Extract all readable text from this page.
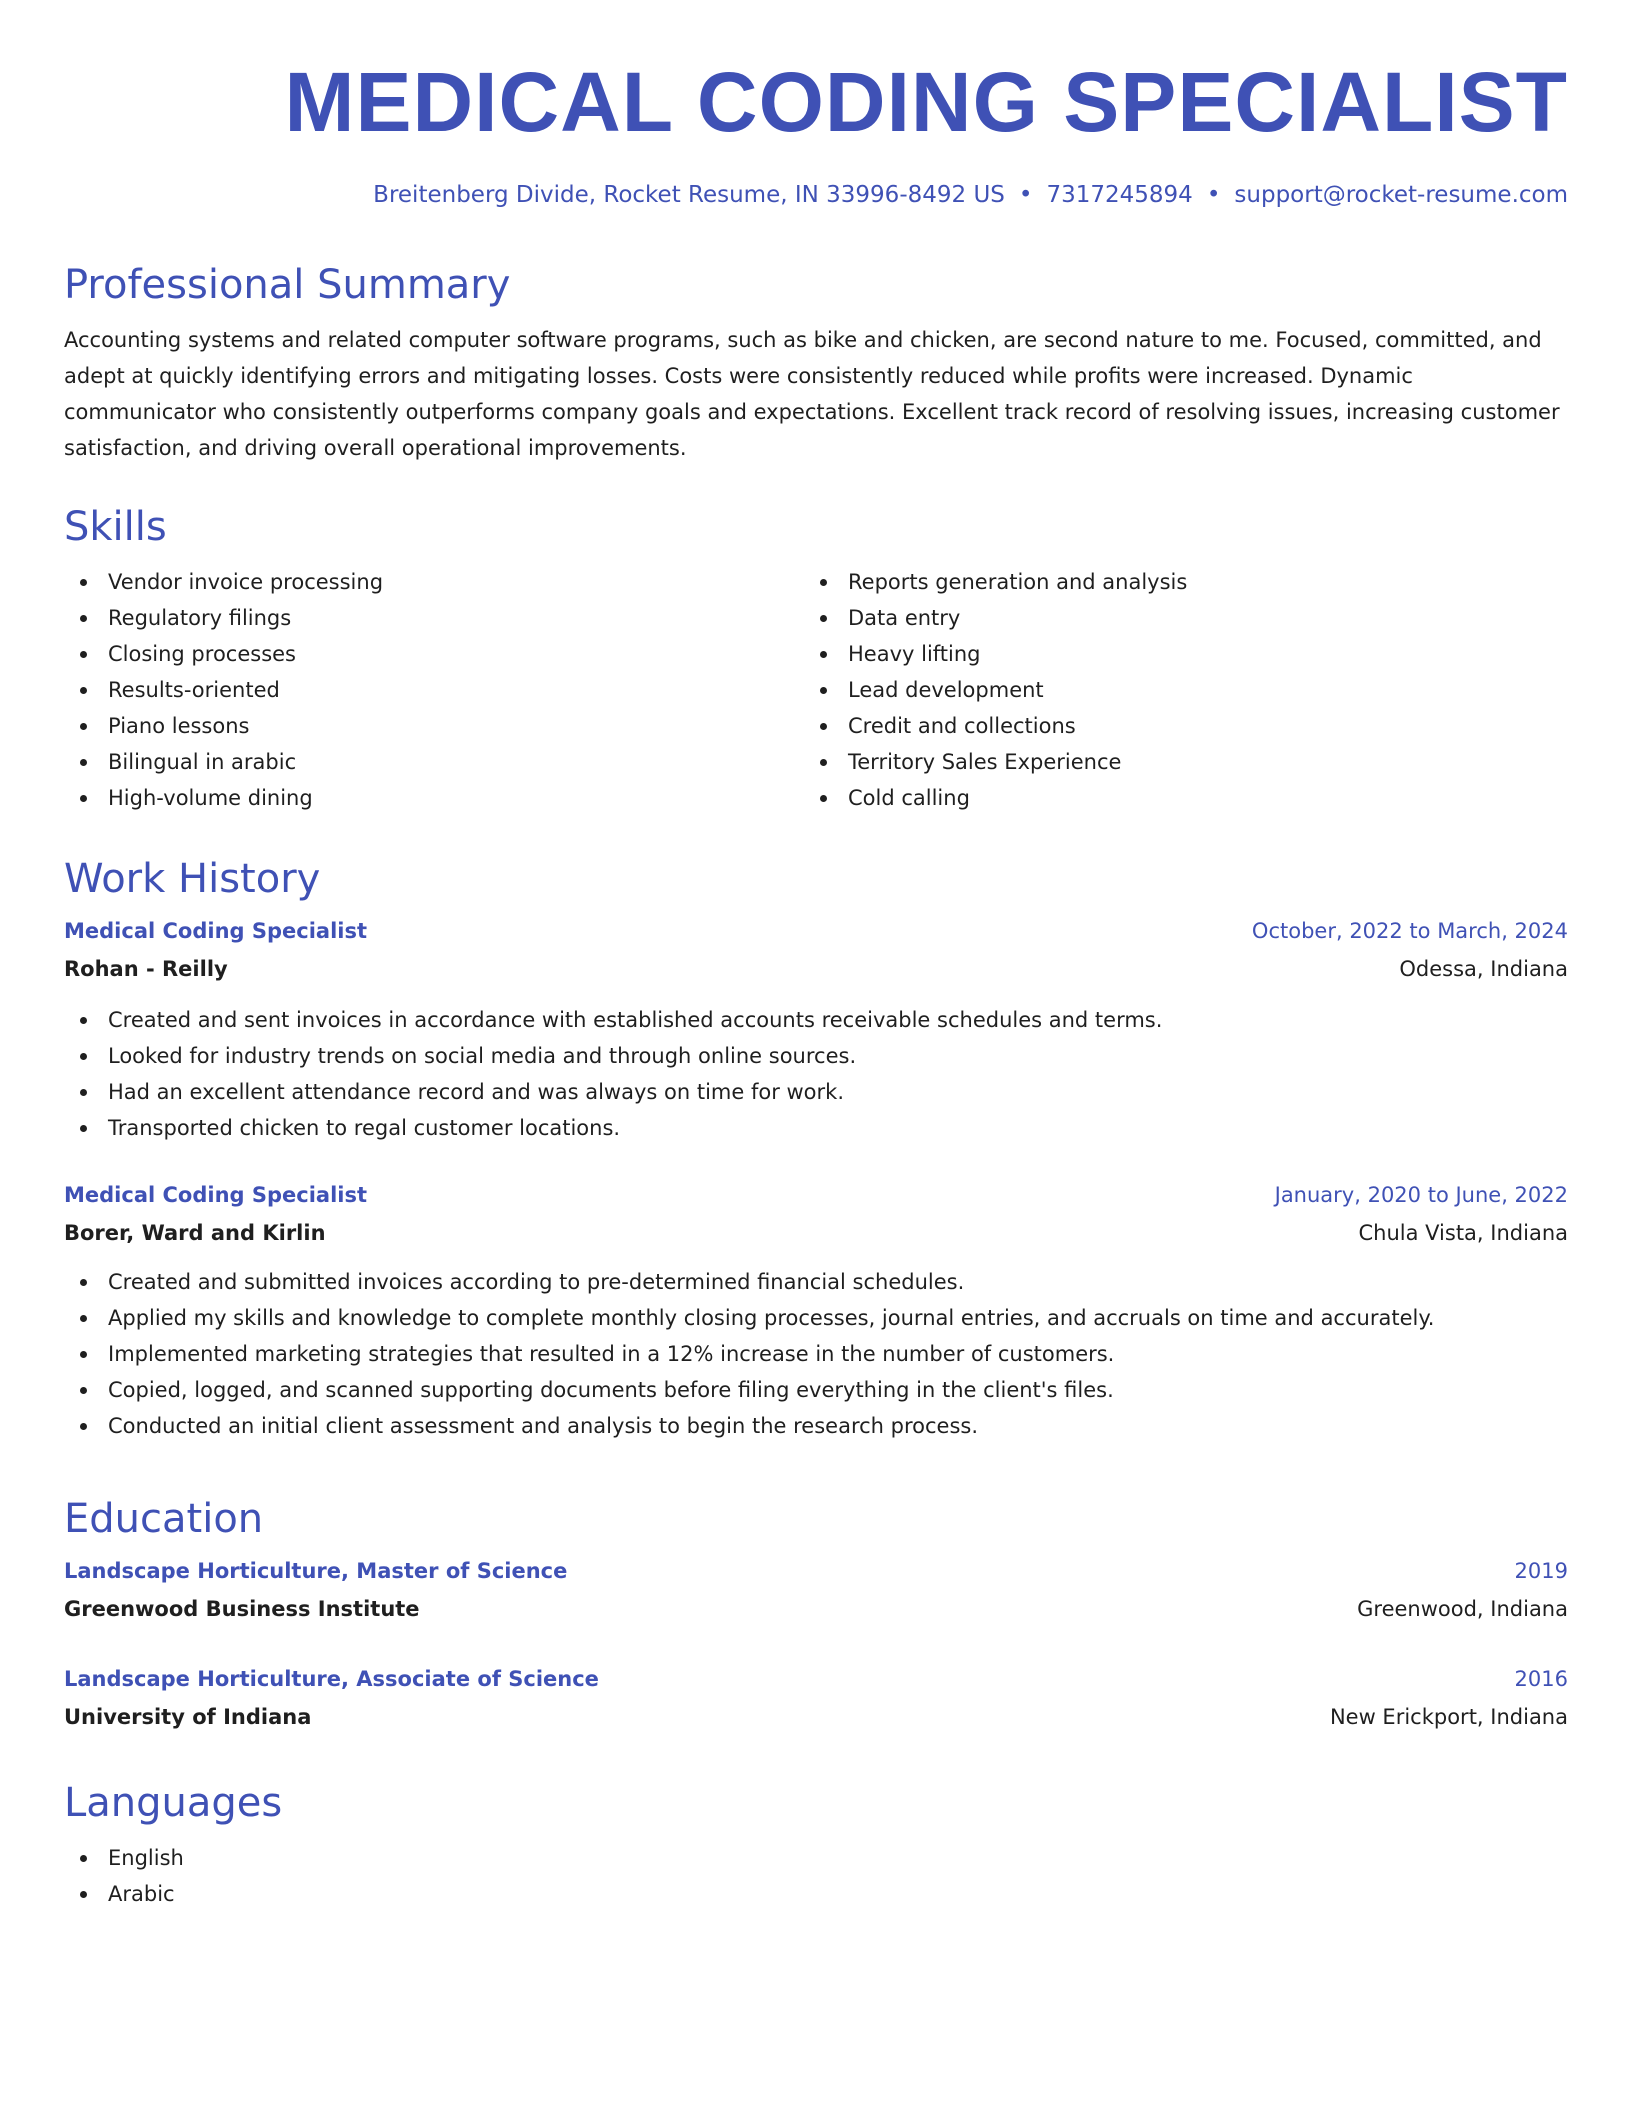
MEDICAL CODING SPECIALIST
Breitenberg Divide, Rocket Resume, IN 33996-8492 US • 7317245894 • support@rocket-resume.com
Professional Summary

Accounting systems and related computer software programs, such as bike and chicken, are second nature to me. Focused, committed, and adept at quickly identifying errors and mitigating losses. Costs were consistently reduced while profits were increased. Dynamic communicator who consistently outperforms company goals and expectations. Excellent track record of resolving issues, increasing customer satisfaction, and driving overall operational improvements.

Skills
Vendor invoice processing
Regulatory filings
Closing processes
Results-oriented
Piano lessons
Bilingual in arabic
High-volume dining
Reports generation and analysis
Data entry
Heavy lifting
Lead development
Credit and collections
Territory Sales Experience
Cold calling
Work History
Medical Coding Specialist	October, 2022 to March, 2024
Rohan - Reilly	Odessa, Indiana
Created and sent invoices in accordance with established accounts receivable schedules and terms.
Looked for industry trends on social media and through online sources.
Had an excellent attendance record and was always on time for work.
Transported chicken to regal customer locations.
Medical Coding Specialist	January, 2020 to June, 2022
Borer, Ward and Kirlin	Chula Vista, Indiana
Created and submitted invoices according to pre-determined financial schedules.
Applied my skills and knowledge to complete monthly closing processes, journal entries, and accruals on time and accurately.
Implemented marketing strategies that resulted in a 12% increase in the number of customers.
Copied, logged, and scanned supporting documents before filing everything in the client's files.
Conducted an initial client assessment and analysis to begin the research process.
Education
Landscape Horticulture, Master of Science	2019
Greenwood Business Institute	Greenwood, Indiana
Landscape Horticulture, Associate of Science	2016
University of Indiana	New Erickport, Indiana
Languages
English
Arabic
